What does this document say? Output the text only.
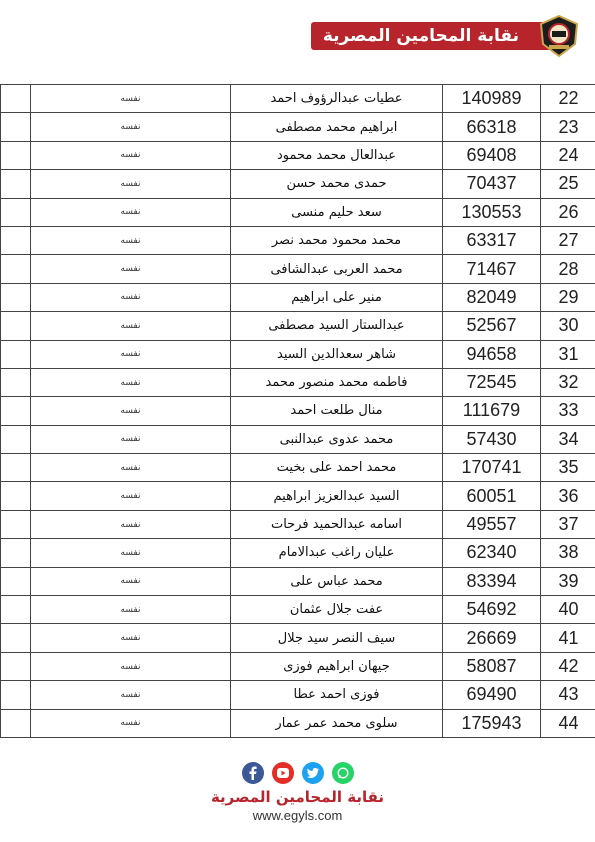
نقابة المحامين المصرية
	نفسه	عطيات عبدالرؤوف احمد	140989	22
	نفسه	ابراهيم محمد مصطفى	66318	23
	نفسه	عبدالعال محمد محمود	69408	24
	نفسه	حمدى محمد حسن	70437	25
	نفسه	سعد حليم منسى	130553	26
	نفسه	محمد محمود محمد نصر	63317	27
	نفسه	محمد العربى عبدالشافى	71467	28
	نفسه	منير على ابراهيم	82049	29
	نفسه	عبدالستار السيد مصطفى	52567	30
	نفسه	شاهر سعدالدين السيد	94658	31
	نفسه	فاطمه محمد منصور محمد	72545	32
	نفسه	منال طلعت احمد	111679	33
	نفسه	محمد عدوى عبدالنبى	57430	34
	نفسه	محمد احمد على بخيت	170741	35
	نفسه	السيد عبدالعزيز ابراهيم	60051	36
	نفسه	اسامه عبدالحميد فرحات	49557	37
	نفسه	عليان راغب عبدالامام	62340	38
	نفسه	محمد عباس على	83394	39
	نفسه	عفت جلال عثمان	54692	40
	نفسه	سيف النصر سيد جلال	26669	41
	نفسه	جيهان ابراهيم فوزى	58087	42
	نفسه	فوزى احمد عطا	69490	43
	نفسه	سلوى محمد عمر عمار	175943	44
نقابة المحامين المصرية
www.egyls.com
